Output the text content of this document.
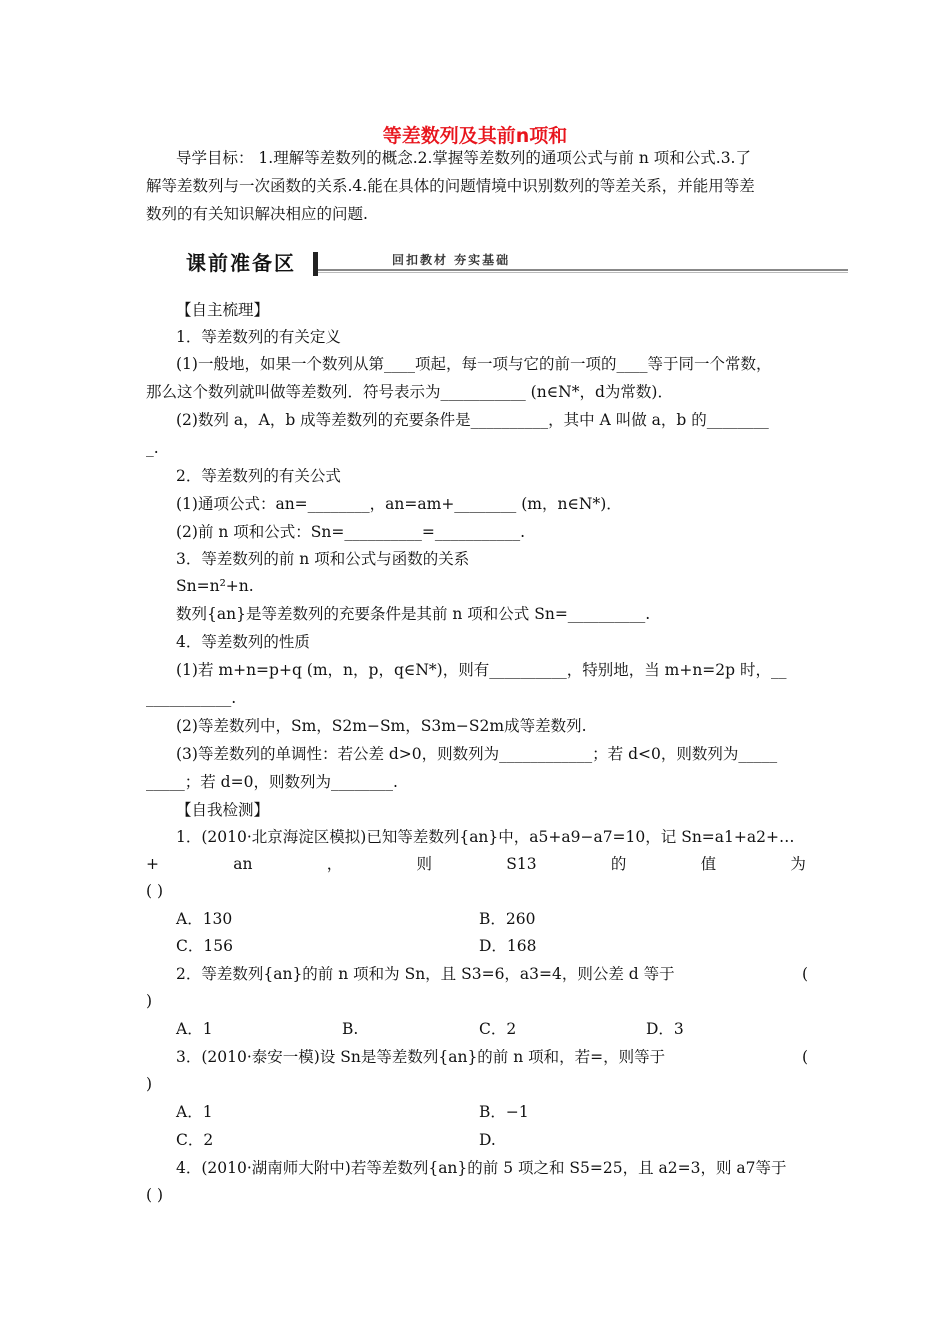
等差数列及其前n项和
导学目标： 1.理解等差数列的概念.2.掌握等差数列的通项公式与前 n 项和公式.3.了
解等差数列与一次函数的关系.4.能在具体的问题情境中识别数列的等差关系，并能用等差
数列的有关知识解决相应的问题.
课前准备区	回扣教材 夯实基础
【自主梳理】
1．等差数列的有关定义
(1)一般地，如果一个数列从第____项起，每一项与它的前一项的____等于同一个常数，
那么这个数列就叫做等差数列．符号表示为___________ (n∈N*，d为常数)．
(2)数列 a，A，b 成等差数列的充要条件是__________，其中 A 叫做 a，b 的________
_.
2．等差数列的有关公式
(1)通项公式：an=________，an=am+________ (m，n∈N*)．
(2)前 n 项和公式：Sn=__________=___________.
3．等差数列的前 n 项和公式与函数的关系
Sn=n²+n.
数列{an}是等差数列的充要条件是其前 n 项和公式 Sn=__________.
4．等差数列的性质
(1)若 m+n=p+q (m，n，p，q∈N*)，则有__________，特别地，当 m+n=2p 时，__
___________.
(2)等差数列中，Sm，S2m−Sm，S3m−S2m成等差数列.
(3)等差数列的单调性：若公差 d>0，则数列为____________；若 d<0，则数列为_____
_____；若 d=0，则数列为________.
【自我检测】
1．(2010·北京海淀区模拟)已知等差数列{an}中，a5+a9−a7=10，记 Sn=a1+a2+…
+	an	，	则	S13	的	值	为
( )
A．130	B．260
C．156	D．168
2．等差数列{an}的前 n 项和为 Sn，且 S3=6，a3=4，则公差 d 等于	(
)
A．1	B.	C．2	D．3
3．(2010·泰安一模)设 Sn是等差数列{an}的前 n 项和，若=，则等于	(
)
A．1	B．−1
C．2	D.
4．(2010·湖南师大附中)若等差数列{an}的前 5 项之和 S5=25，且 a2=3，则 a7等于
( )
